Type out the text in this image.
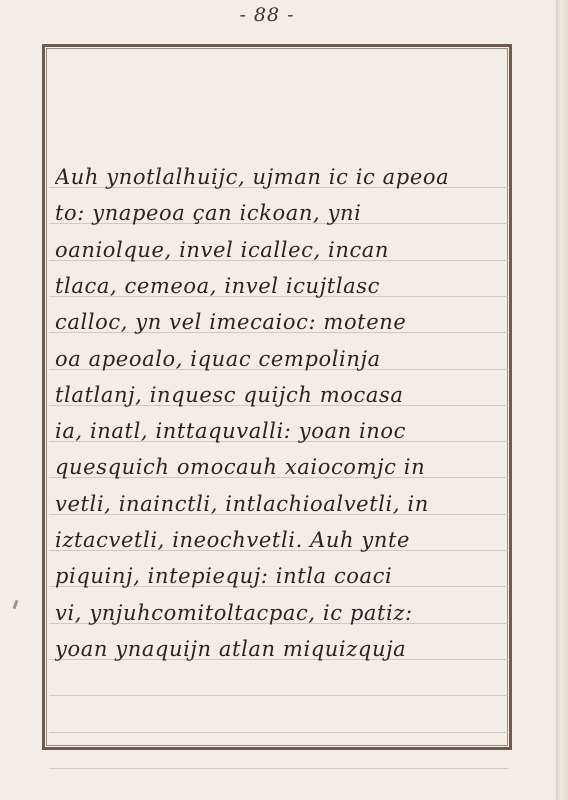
- 88 -
Auh ynotlalhuijc, ujman ic ic apeoa
to: ynapeoa çan ickoan, yni
oaniolque, invel icallec, incan
tlaca, cemeoa, invel icujtlasc
calloc, yn vel imecaioc: motene
oa apeoalo, iquac cempolinja
tlatlanj, inquesc quijch mocasa
ia, inatl, inttaquvalli: yoan inoc
quesquich omocauh xaiocomjc in
vetli, inainctli, intlachioalvetli, in
iztacvetli, ineochvetli. Auh ynte
piquinj, intepiequj: intla coaci
vi, ynjuhcomitoltacpac, ic patiz:
yoan ynaquijn atlan miquizquja
